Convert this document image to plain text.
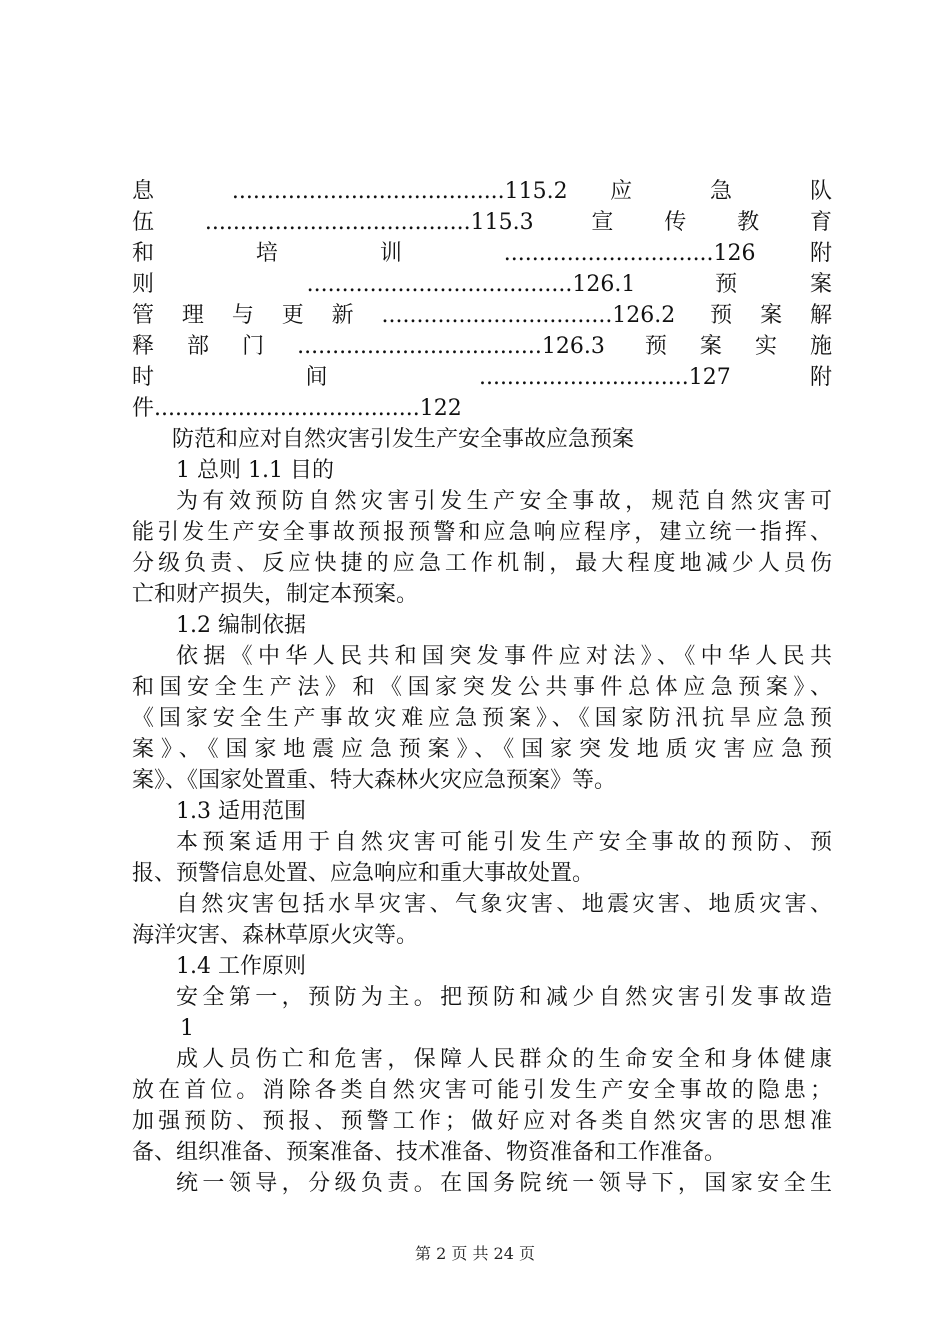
息 .......................................115.2 应 急 队
伍......................................115.3 宣传教育
和 培 训 ..............................126 附
则 ......................................126.1 预案
管理与更新.................................126.2 预案解
释部门...................................126.3 预案实施
时 间 ..............................127 附
件......................................122
防范和应对自然灾害引发生产安全事故应急预案
1 总则 1.1 目的
为有效预防自然灾害引发生产安全事故，规范自然灾害可
能引发生产安全事故预报预警和应急响应程序，建立统一指挥、
分级负责、反应快捷的应急工作机制，最大程度地减少人员伤
亡和财产损失，制定本预案。
1.2 编制依据
依据《中华人民共和国突发事件应对法》、《中华人民共
和国安全生产法》和《国家突发公共事件总体应急预案》、
《国家安全生产事故灾难应急预案》、《国家防汛抗旱应急预
案》、《国家地震应急预案》、《国家突发地质灾害应急预
案》、《国家处置重、特大森林火灾应急预案》等。
1.3 适用范围
本预案适用于自然灾害可能引发生产安全事故的预防、预
报、预警信息处置、应急响应和重大事故处置。
自然灾害包括水旱灾害、气象灾害、地震灾害、地质灾害、
海洋灾害、森林草原火灾等。
1.4 工作原则
安全第一，预防为主。把预防和减少自然灾害引发事故造
1
成人员伤亡和危害，保障人民群众的生命安全和身体健康
放在首位。消除各类自然灾害可能引发生产安全事故的隐患；
加强预防、预报、预警工作；做好应对各类自然灾害的思想准
备、组织准备、预案准备、技术准备、物资准备和工作准备。
统一领导，分级负责。在国务院统一领导下，国家安全生
第 2 页 共 24 页
